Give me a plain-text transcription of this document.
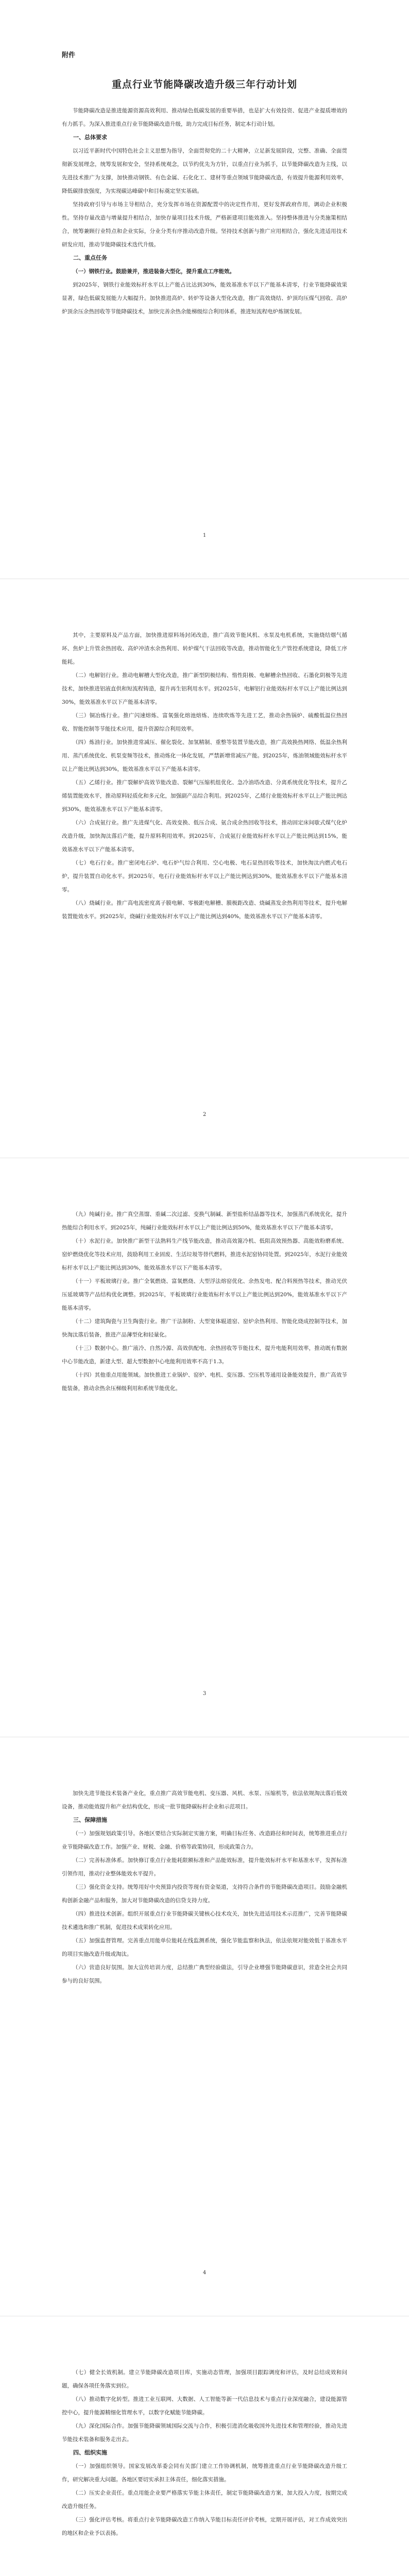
附件
重点行业节能降碳改造升级三年行动计划

节能降碳改造是推进能源资源高效利用、推动绿色低碳发展的重要举措，也是扩大有效投资、促进产业提质增效的有力抓手。为深入推进重点行业节能降碳改造升级，助力完成目标任务，制定本行动计划。

一、总体要求

以习近平新时代中国特色社会主义思想为指导，全面贯彻党的二十大精神，立足新发展阶段，完整、准确、全面贯彻新发展理念，统筹发展和安全，坚持系统观念，以节约优先为方针，以重点行业为抓手，以节能降碳改造为主线，以先进技术推广为支撑，加快推动钢铁、有色金属、石化化工、建材等重点领域节能降碳改造，有效提升能源利用效率，降低碳排放强度，为实现碳达峰碳中和目标奠定坚实基础。

坚持政府引导与市场主导相结合，充分发挥市场在资源配置中的决定性作用，更好发挥政府作用，调动企业积极性。坚持存量改造与增量提升相结合，加快存量项目技术升级，严格新建项目能效准入。坚持整体推进与分类施策相结合，统筹兼顾行业特点和企业实际，分业分类有序推动改造升级。坚持技术创新与推广应用相结合，强化先进适用技术研发应用，推动节能降碳技术迭代升级。

二、重点任务

（一）钢铁行业。鼓励兼并，推进装备大型化，提升重点工序能效。

到2025年，钢铁行业能效标杆水平以上产能占比达到30%，能效基准水平以下产能基本清零，行业节能降碳效果显著，绿色低碳发展能力大幅提升。加快推进高炉、转炉等设备大型化改造，推广高效烧结、炉顶均压煤气回收、高炉炉顶余压余热回收等节能降碳技术，加快完善余热余能梯级综合利用体系，推进短流程电炉炼钢发展。

1

其中，主要原料及产品方面，加快推进原料场封闭改造，推广高效节能风机、水泵及电机系统，实施烧结烟气循环、焦炉上升管余热回收、高炉冲渣水余热利用、转炉煤气干法回收等改造，推动智能化生产管控系统建设，降低工序能耗。

（二）电解铝行业。推动电解槽大型化改造，推广新型阴极结构、惰性阳极、电解槽余热回收、石墨化阴极等先进技术，加快推进铝液直供和短流程铸造，提升再生铝利用水平。到2025年，电解铝行业能效标杆水平以上产能比例达到30%，能效基准水平以下产能基本清零。

（三）铜冶炼行业。推广闪速熔炼、富氧强化熔池熔炼、连续吹炼等先进工艺，推动余热锅炉、硫酸低温位热回收、智能控制等节能技术应用，提升资源综合利用效率。

（四）炼油行业。加快推进常减压、催化裂化、加氢精制、重整等装置节能改造，推广高效换热网络、低温余热利用、蒸汽系统优化、机泵变频等技术，推动炼化一体化发展，严禁新增常减压产能。到2025年，炼油领域能效标杆水平以上产能比例达到30%，能效基准水平以下产能基本清零。

（五）乙烯行业。推广裂解炉高效节能改造、裂解气压缩机组优化、急冷油塔改造、分离系统优化等技术，提升乙烯装置能效水平，推动原料轻质化和多元化，加强副产品综合利用。到2025年，乙烯行业能效标杆水平以上产能比例达到30%，能效基准水平以下产能基本清零。

（六）合成氨行业。推广先进煤气化、高效变换、低压合成、氨合成余热回收等技术，推动固定床间歇式煤气化炉改造升级，加快淘汰落后产能，提升原料利用效率。到2025年，合成氨行业能效标杆水平以上产能比例达到15%，能效基准水平以下产能基本清零。

（七）电石行业。推广密闭电石炉、电石炉气综合利用、空心电极、电石显热回收等技术，加快淘汰内燃式电石炉，提升装置自动化水平。到2025年，电石行业能效标杆水平以上产能比例达到30%，能效基准水平以下产能基本清零。

（八）烧碱行业。推广高电流密度离子膜电解、零极距电解槽、膜极距改造、烧碱蒸发余热利用等技术，提升电解装置能效水平。到2025年，烧碱行业能效标杆水平以上产能比例达到40%，能效基准水平以下产能基本清零。

2

（九）纯碱行业。推广真空蒸馏、重碱二次过滤、变换气制碱、新型盐析结晶器等技术，加强蒸汽系统优化，提升热能综合利用水平。到2025年，纯碱行业能效标杆水平以上产能比例达到50%，能效基准水平以下产能基本清零。

（十）水泥行业。加快推广新型干法熟料生产线节能改造，推动高效篦冷机、低阻高效预热器、高能效粉磨系统、窑炉燃烧优化等技术应用，鼓励利用工业固废、生活垃圾等替代燃料，推进水泥窑协同处置。到2025年，水泥行业能效标杆水平以上产能比例达到30%，能效基准水平以下产能基本清零。

（十一）平板玻璃行业。推广全氧燃烧、富氧燃烧、大型浮法熔窑优化、余热发电、配合料预热等技术，推动光伏压延玻璃等产品结构优化调整。到2025年，平板玻璃行业能效标杆水平以上产能比例达到20%，能效基准水平以下产能基本清零。

（十二）建筑陶瓷与卫生陶瓷行业。推广干法制粉、大型宽体辊道窑、窑炉余热利用、智能化烧成控制等技术，加快淘汰落后装备，推进产品薄型化和轻量化。

（十三）数据中心。推广液冷、自然冷源、高效供配电、余热回收等节能技术，提升电能利用效率，推动既有数据中心节能改造，新建大型、超大型数据中心电能利用效率不高于1.3。

（十四）其他重点用能领域。加快推进工业锅炉、窑炉、电机、变压器、空压机等通用设备能效提升，推广高效节能装备，推动余热余压梯级利用和系统节能优化。

3

加快先进节能技术装备产业化，重点推广高效节能电机、变压器、风机、水泵、压缩机等，依法依规淘汰落后低效设备，推动能效提升和产业结构优化，形成一批节能降碳标杆企业和示范项目。

三、保障措施

（一）加强规划政策引导。各地区要结合实际制定实施方案，明确目标任务、改造路径和时间表，统筹推进重点行业节能降碳改造工作。加强产业、财税、金融、价格等政策协同，形成政策合力。

（二）完善标准体系。加快修订重点行业能耗限额标准和产品能效标准，提升能效标杆水平和基准水平，发挥标准引领作用，推动行业整体能效水平提升。

（三）强化资金支持。统筹用好中央预算内投资等现有资金渠道，支持符合条件的节能降碳改造项目。鼓励金融机构创新金融产品和服务，加大对节能降碳改造的信贷支持力度。

（四）推进技术创新。组织开展重点行业节能降碳关键核心技术攻关，加快先进适用技术示范推广，完善节能降碳技术遴选和推广机制，促进技术成果转化应用。

（五）加强监督管理。完善重点用能单位能耗在线监测系统，强化节能监察和执法，依法依规对能效低于基准水平的项目实施改造升级或淘汰。

（六）营造良好氛围。加大宣传培训力度，总结推广典型经验做法，引导企业增强节能降碳意识，营造全社会共同参与的良好氛围。

4

（七）健全长效机制。建立节能降碳改造项目库，实施动态管理，加强项目跟踪调度和评估，及时总结成效和问题，确保各项任务落实到位。

（八）推动数字化转型。推进工业互联网、大数据、人工智能等新一代信息技术与重点行业深度融合，建设能源管控中心，提升能源精细化管理水平，以数字化赋能节能降碳。

（九）深化国际合作。加强节能降碳领域国际交流与合作，积极引进消化吸收国外先进技术和管理经验，推动先进节能技术装备和服务走出去。

四、组织实施

（一）加强组织领导。国家发展改革委会同有关部门建立工作协调机制，统筹推进重点行业节能降碳改造升级工作，研究解决重大问题。各地区要切实承担主体责任，细化落实措施。

（二）压实企业责任。重点用能企业要严格落实节能主体责任，制定节能降碳改造方案，加大投入力度，按期完成改造升级任务。

（三）强化评估考核。将重点行业节能降碳改造工作纳入节能目标责任评价考核，定期开展评估，对工作成效突出的地区和企业予以表扬。
